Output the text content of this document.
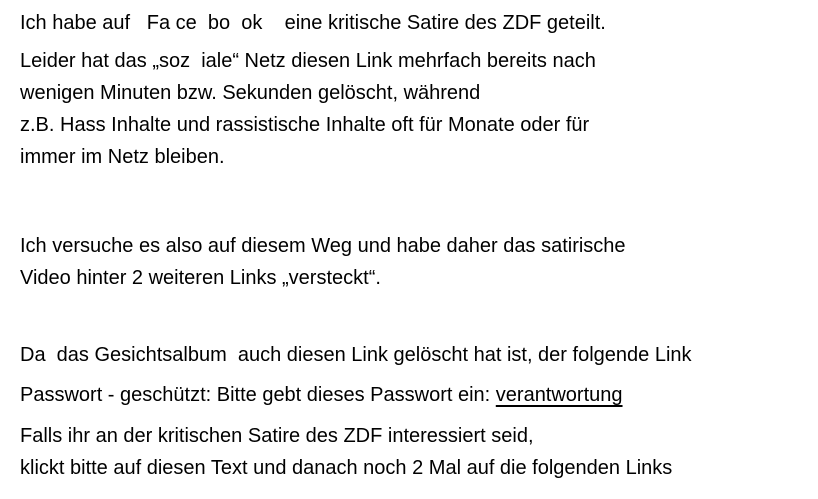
Ich habe auf   Fa ce  bo  ok    eine kritische Satire des ZDF geteilt.

Leider hat das „soz  iale“ Netz diesen Link mehrfach bereits nach

wenigen Minuten bzw. Sekunden gelöscht, während

z.B. Hass Inhalte und rassistische Inhalte oft für Monate oder für

immer im Netz bleiben.

Ich versuche es also auf diesem Weg und habe daher das satirische

Video hinter 2 weiteren Links „versteckt“.

Da  das Gesichtsalbum  auch diesen Link gelöscht hat ist, der folgende Link

Passwort - geschützt: Bitte gebt dieses Passwort ein: verantwortung

Falls ihr an der kritischen Satire des ZDF interessiert seid,

klickt bitte auf diesen Text und danach noch 2 Mal auf die folgenden Links
